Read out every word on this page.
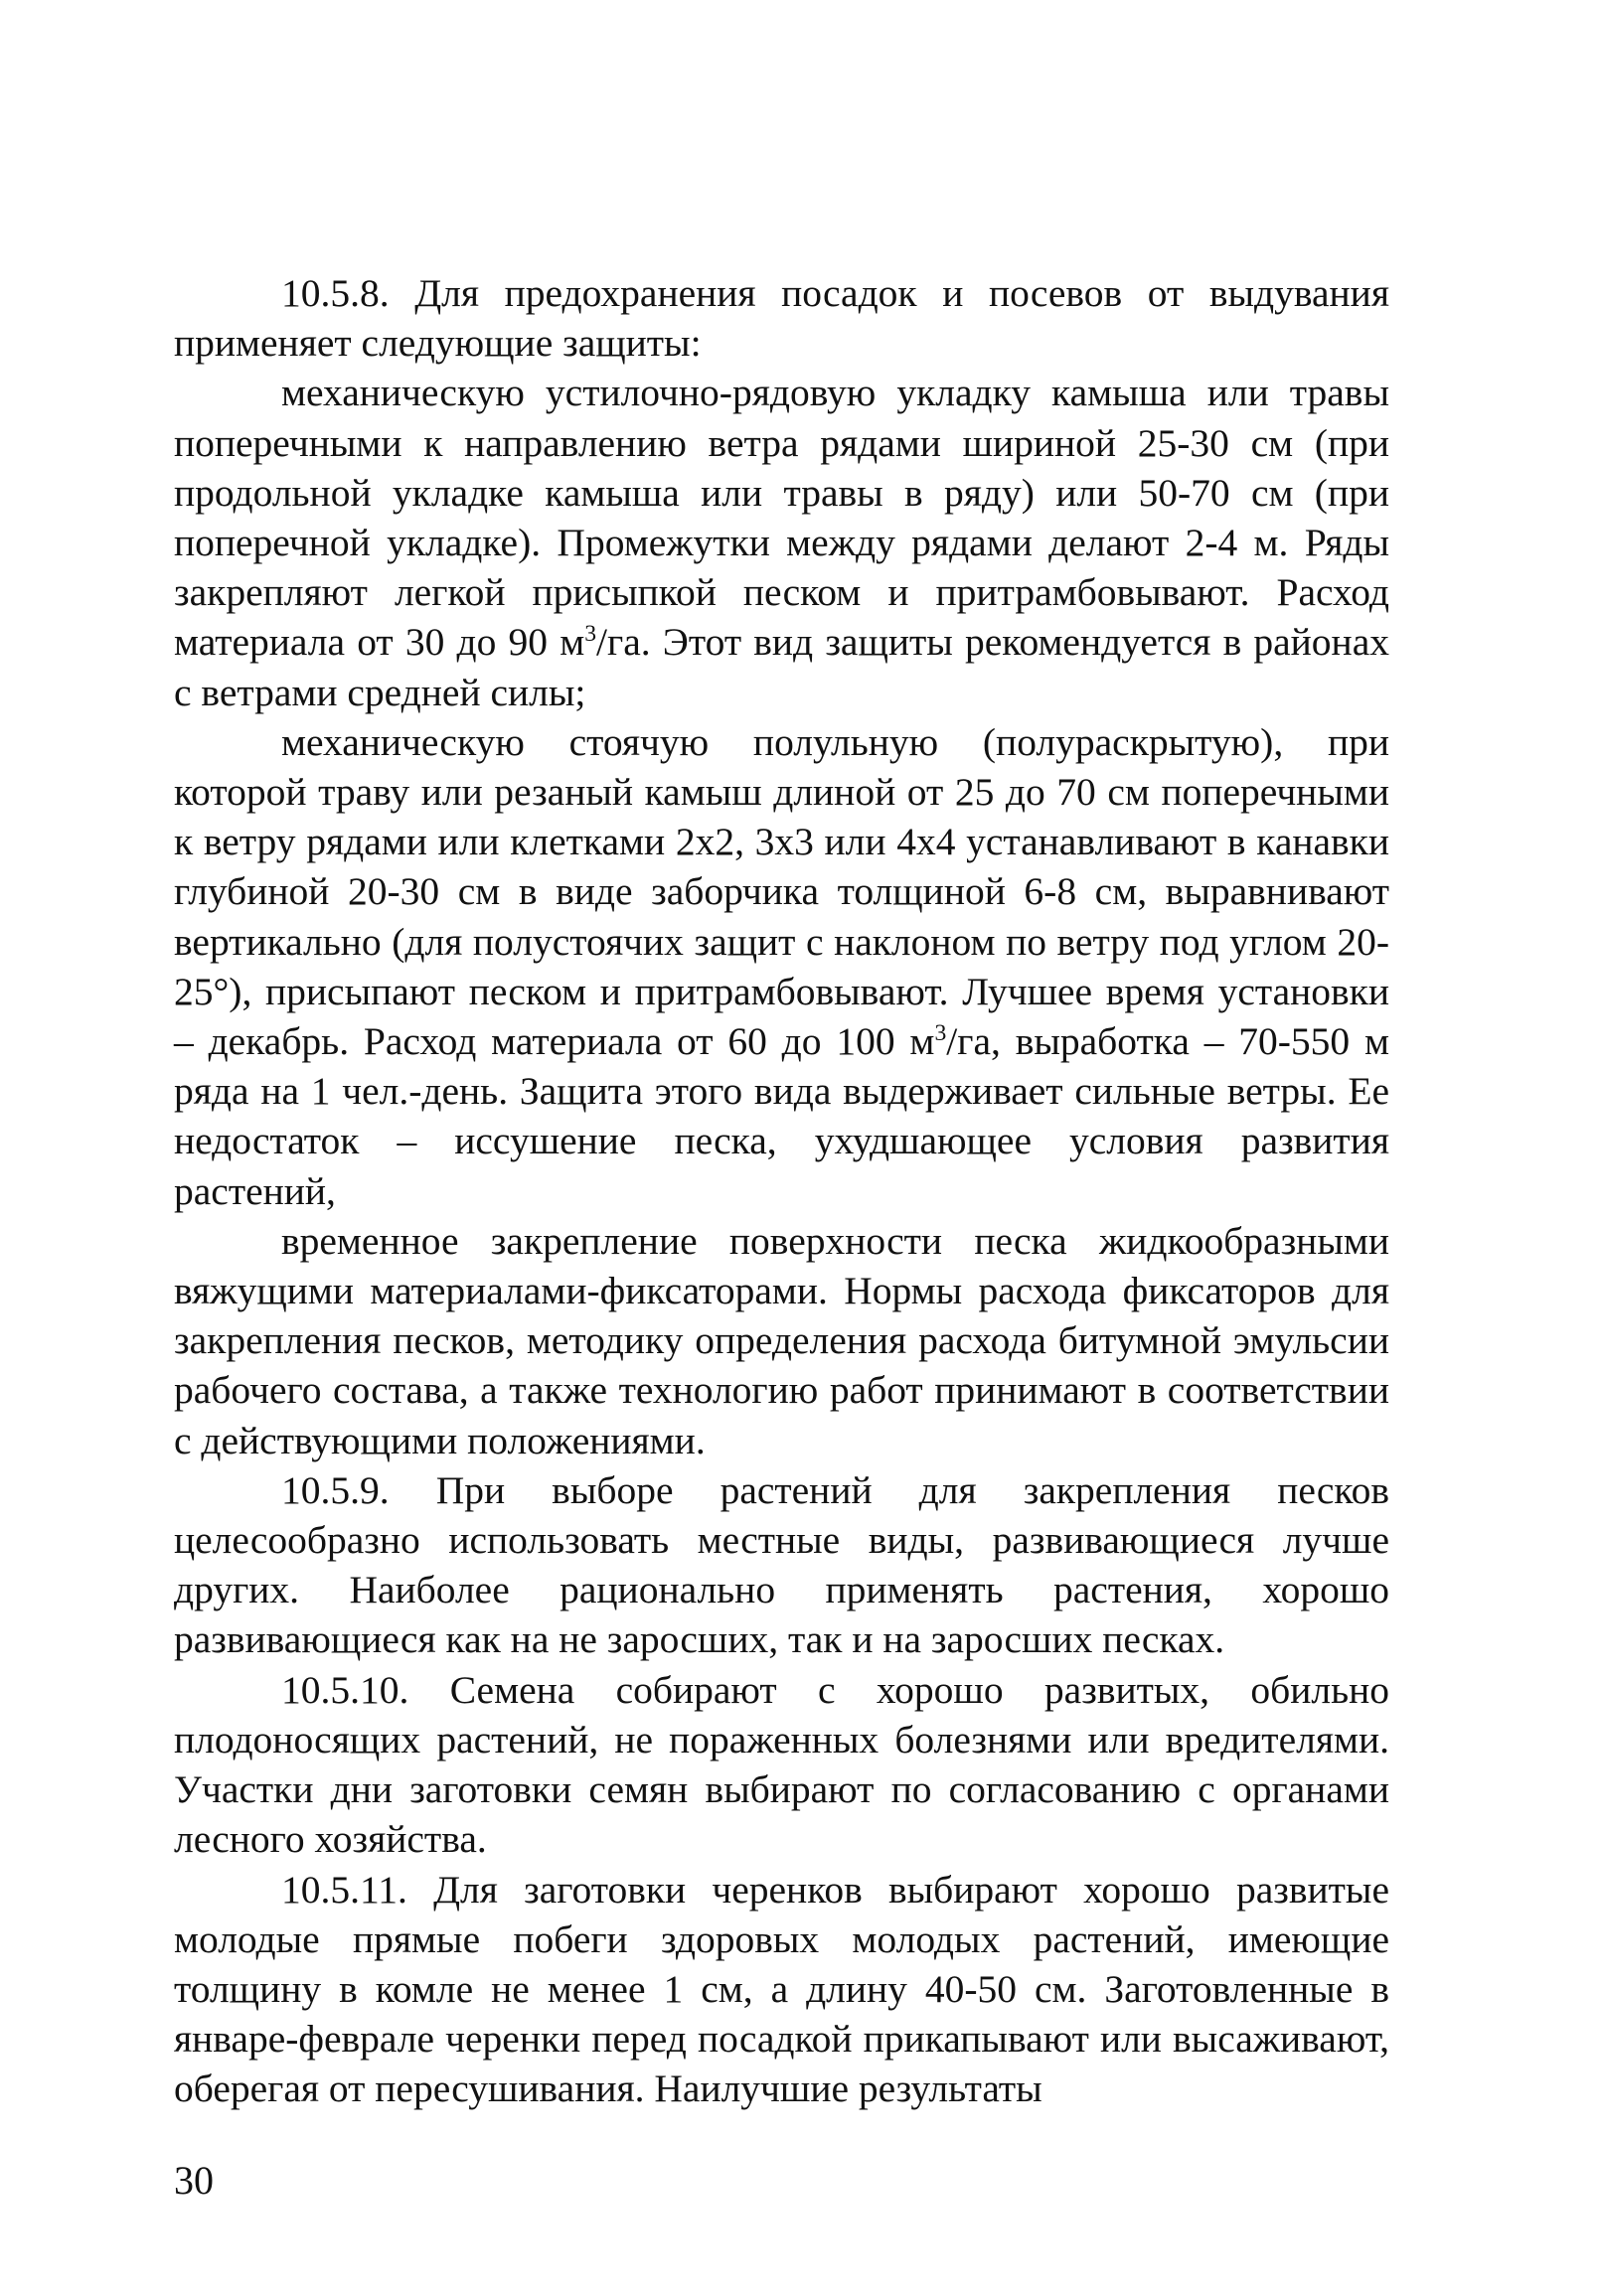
10.5.8. Для предохранения посадок и посевов от выдувания применяет следующие защиты:

механическую устилочно-рядовую укладку камыша или травы поперечными к направлению ветра рядами шириной 25-30 см (при продольной укладке камыша или травы в ряду) или 50-70 см (при поперечной укладке). Промежутки между рядами делают 2-4 м. Ряды закрепляют легкой присыпкой песком и притрамбовывают. Расход материала от 30 до 90 $м^3/га$. Этот вид защиты рекомендуется в районах с ветрами средней силы;

механическую стоячую полульную (полураскрытую), при которой траву или резаный камыш длиной от 25 до 70 см поперечными к ветру рядами или клетками 2х2, 3х3 или 4х4 устанавливают в канавки глубиной 20-30 см в виде заборчика толщиной 6-8 см, выравнивают вертикально (для полустоячих защит с наклоном по ветру под углом 20-25°), присыпают песком и притрамбовывают. Лучшее время установки – декабрь. Расход материала от 60 до 100 $м^3/га$, выработка – 70-550 м ряда на 1 чел.-день. Защита этого вида выдерживает сильные ветры. Ее недостаток – иссушение песка, ухудшающее условия развития растений,

временное закрепление поверхности песка жидкообразными вяжущими материалами-фиксаторами. Нормы расхода фиксаторов для закрепления песков, методику определения расхода битумной эмульсии рабочего состава, а также технологию работ принимают в соответствии с действующими положениями.

10.5.9. При выборе растений для закрепления песков целесообразно использовать местные виды, развивающиеся лучше других. Наиболее рационально применять растения, хорошо развивающиеся как на не заросших, так и на заросших песках.

10.5.10. Семена собирают с хорошо развитых, обильно плодоносящих растений, не пораженных болезнями или вредителями. Участки дни заготовки семян выбирают по согласованию с органами лесного хозяйства.

10.5.11. Для заготовки черенков выбирают хорошо развитые молодые прямые побеги здоровых молодых растений, имеющие толщину в комле не менее 1 см, а длину 40-50 см. Заготовленные в январе-феврале черенки перед посадкой прикапывают или высаживают, оберегая от пересушивания. Наилучшие результаты

30
